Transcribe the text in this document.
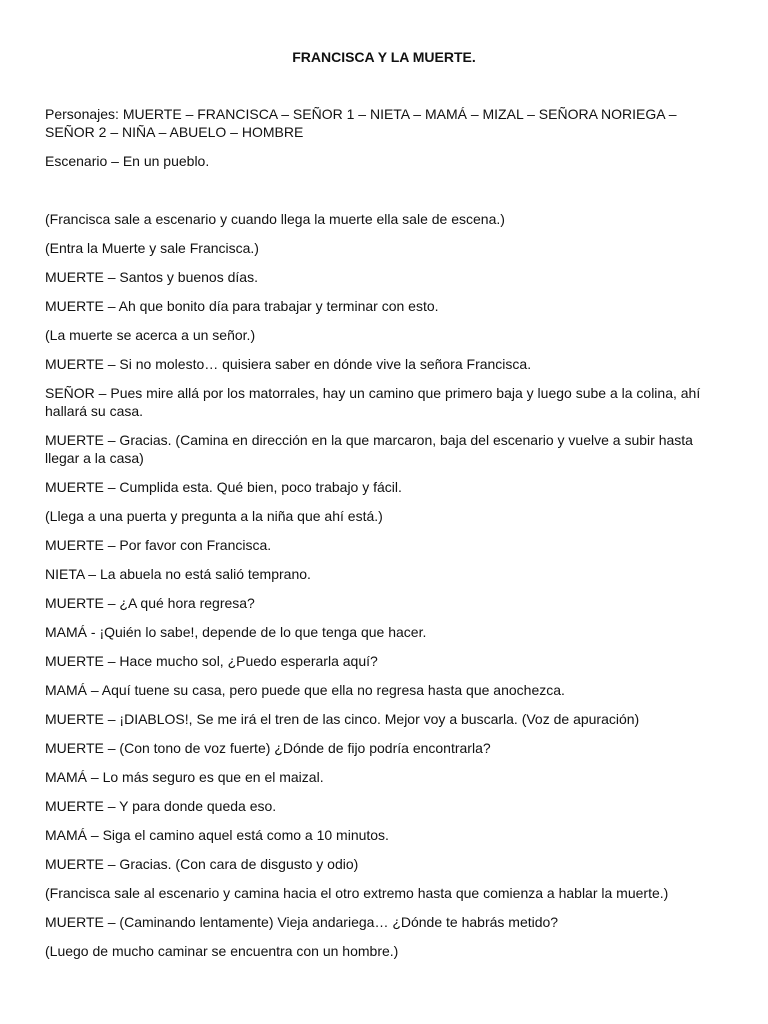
FRANCISCA Y LA MUERTE.

Personajes: MUERTE – FRANCISCA – SEÑOR 1 – NIETA – MAMÁ – MIZAL – SEÑORA NORIEGA – SEÑOR 2 – NIÑA – ABUELO – HOMBRE

Escenario – En un pueblo.

(Francisca sale a escenario y cuando llega la muerte ella sale de escena.)

(Entra la Muerte y sale Francisca.)

MUERTE – Santos y buenos días.

MUERTE – Ah que bonito día para trabajar y terminar con esto.

(La muerte se acerca a un señor.)

MUERTE – Si no molesto… quisiera saber en dónde vive la señora Francisca.

SEÑOR – Pues mire allá por los matorrales, hay un camino que primero baja y luego sube a la colina, ahí hallará su casa.

MUERTE – Gracias. (Camina en dirección en la que marcaron, baja del escenario y vuelve a subir hasta llegar a la casa)

MUERTE – Cumplida esta. Qué bien, poco trabajo y fácil.

(Llega a una puerta y pregunta a la niña que ahí está.)

MUERTE – Por favor con Francisca.

NIETA – La abuela no está salió temprano.

MUERTE – ¿A qué hora regresa?

MAMÁ - ¡Quién lo sabe!, depende de lo que tenga que hacer.

MUERTE – Hace mucho sol, ¿Puedo esperarla aquí?

MAMÁ – Aquí tuene su casa, pero puede que ella no regresa hasta que anochezca.

MUERTE – ¡DIABLOS!, Se me irá el tren de las cinco. Mejor voy a buscarla. (Voz de apuración)

MUERTE – (Con tono de voz fuerte) ¿Dónde de fijo podría encontrarla?

MAMÁ – Lo más seguro es que en el maizal.

MUERTE – Y para donde queda eso.

MAMÁ – Siga el camino aquel está como a 10 minutos.

MUERTE – Gracias. (Con cara de disgusto y odio)

(Francisca sale al escenario y camina hacia el otro extremo hasta que comienza a hablar la muerte.)

MUERTE – (Caminando lentamente) Vieja andariega… ¿Dónde te habrás metido?

(Luego de mucho caminar se encuentra con un hombre.)
